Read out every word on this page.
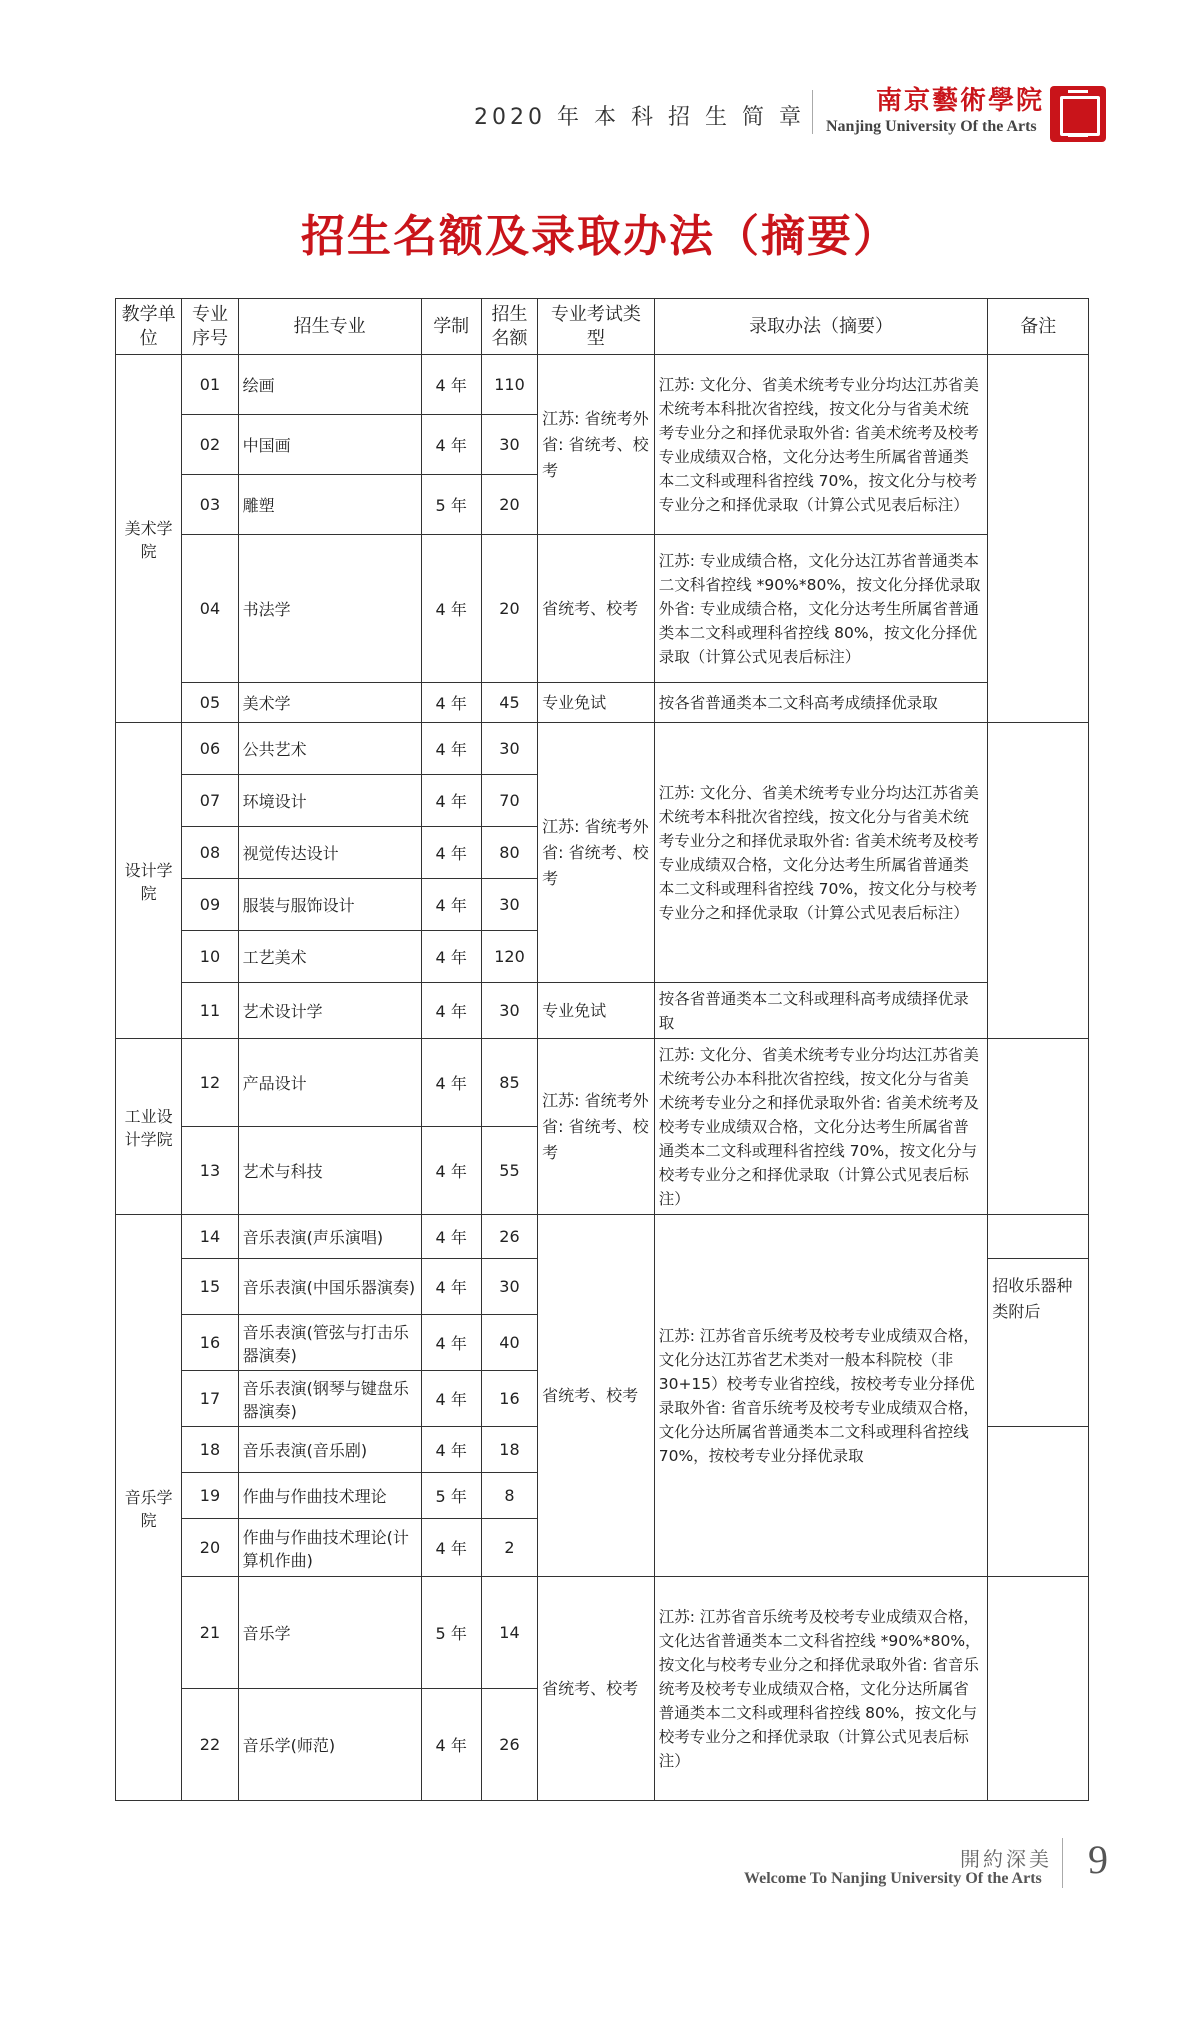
2020 年 本 科 招 生 简 章
南京藝術學院
Nanjing University Of the Arts
招生名额及录取办法（摘要）
教学单位	专业序号	招生专业	学制	招生名额	专业考试类型	录取办法（摘要）	备注
美术学院	01	绘画	4 年	110	江苏: 省统考外省: 省统考、校考	江苏: 文化分、省美术统考专业分均达江苏省美术统考本科批次省控线，按文化分与省美术统考专业分之和择优录取外省: 省美术统考及校考专业成绩双合格，文化分达考生所属省普通类本二文科或理科省控线 70%，按文化分与校考专业分之和择优录取（计算公式见表后标注）	
	02	中国画	4 年	30			
	03	雕塑	5 年	20			
	04	书法学	4 年	20	省统考、校考	江苏: 专业成绩合格，文化分达江苏省普通类本二文科省控线 *90%*80%，按文化分择优录取外省: 专业成绩合格，文化分达考生所属省普通类本二文科或理科省控线 80%，按文化分择优录取（计算公式见表后标注）	
	05	美术学	4 年	45	专业免试	按各省普通类本二文科高考成绩择优录取	
设计学院	06	公共艺术	4 年	30	江苏: 省统考外省: 省统考、校考	江苏: 文化分、省美术统考专业分均达江苏省美术统考本科批次省控线，按文化分与省美术统考专业分之和择优录取外省: 省美术统考及校考专业成绩双合格，文化分达考生所属省普通类本二文科或理科省控线 70%，按文化分与校考专业分之和择优录取（计算公式见表后标注）	
	07	环境设计	4 年	70			
	08	视觉传达设计	4 年	80			
	09	服装与服饰设计	4 年	30			
	10	工艺美术	4 年	120			
	11	艺术设计学	4 年	30	专业免试	按各省普通类本二文科或理科高考成绩择优录取	
工业设计学院	12	产品设计	4 年	85	江苏: 省统考外省: 省统考、校考	江苏: 文化分、省美术统考专业分均达江苏省美术统考公办本科批次省控线，按文化分与省美术统考专业分之和择优录取外省: 省美术统考及校考专业成绩双合格，文化分达考生所属省普通类本二文科或理科省控线 70%，按文化分与校考专业分之和择优录取（计算公式见表后标注）	
	13	艺术与科技	4 年	55			
音乐学院	14	音乐表演(声乐演唱)	4 年	26	省统考、校考	江苏: 江苏省音乐统考及校考专业成绩双合格，文化分达江苏省艺术类对一般本科院校（非 30+15）校考专业省控线，按校考专业分择优录取外省: 省音乐统考及校考专业成绩双合格，文化分达所属省普通类本二文科或理科省控线 70%，按校考专业分择优录取	
	15	音乐表演(中国乐器演奏)	4 年	30			招收乐器种类附后
	16	音乐表演(管弦与打击乐器演奏)	4 年	40			
	17	音乐表演(钢琴与键盘乐器演奏)	4 年	16			
	18	音乐表演(音乐剧)	4 年	18			
	19	作曲与作曲技术理论	5 年	8			
	20	作曲与作曲技术理论(计算机作曲)	4 年	2			
	21	音乐学	5 年	14	省统考、校考	江苏: 江苏省音乐统考及校考专业成绩双合格，文化达省普通类本二文科省控线 *90%*80%，按文化与校考专业分之和择优录取外省: 省音乐统考及校考专业成绩双合格，文化分达所属省普通类本二文科或理科省控线 80%，按文化与校考专业分之和择优录取（计算公式见表后标注）	
	22	音乐学(师范)	4 年	26			
開約深美
Welcome To Nanjing University Of the Arts 9
